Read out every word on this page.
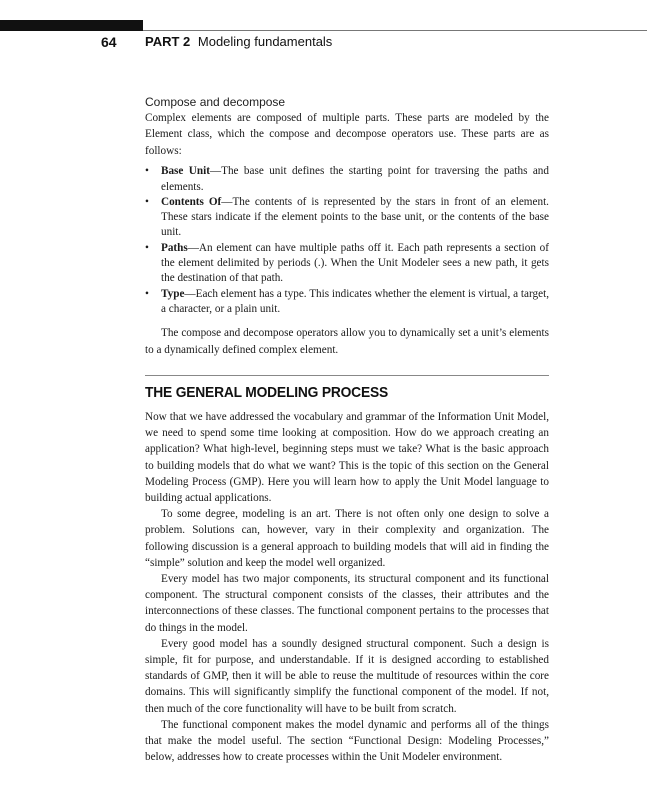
64 PART 2 Modeling fundamentals
Compose and decompose

Complex elements are composed of multiple parts. These parts are modeled by the Element class, which the compose and decompose operators use. These parts are as follows:

• Base Unit—The base unit defines the starting point for traversing the paths and elements.
• Contents Of—The contents of is represented by the stars in front of an element. These stars indicate if the element points to the base unit, or the contents of the base unit.
• Paths—An element can have multiple paths off it. Each path represents a section of the element delimited by periods (.). When the Unit Modeler sees a new path, it gets the destination of that path.
• Type—Each element has a type. This indicates whether the element is virtual, a target, a character, or a plain unit.

The compose and decompose operators allow you to dynamically set a unit’s elements to a dynamically defined complex element.

THE GENERAL MODELING PROCESS

Now that we have addressed the vocabulary and grammar of the Information Unit Model, we need to spend some time looking at composition. How do we approach creating an application? What high-level, beginning steps must we take? What is the basic approach to building models that do what we want? This is the topic of this section on the General Modeling Process (GMP). Here you will learn how to apply the Unit Model language to building actual applications.

To some degree, modeling is an art. There is not often only one design to solve a problem. Solutions can, however, vary in their complexity and organization. The following discussion is a general approach to building models that will aid in finding the “simple” solution and keep the model well organized.

Every model has two major components, its structural component and its functional component. The structural component consists of the classes, their attributes and the interconnections of these classes. The functional component pertains to the processes that do things in the model.

Every good model has a soundly designed structural component. Such a design is simple, fit for purpose, and understandable. If it is designed according to established standards of GMP, then it will be able to reuse the multitude of resources within the core domains. This will significantly simplify the functional component of the model. If not, then much of the core functionality will have to be built from scratch.

The functional component makes the model dynamic and performs all of the things that make the model useful. The section “Functional Design: Modeling Processes,” below, addresses how to create processes within the Unit Modeler environment.
